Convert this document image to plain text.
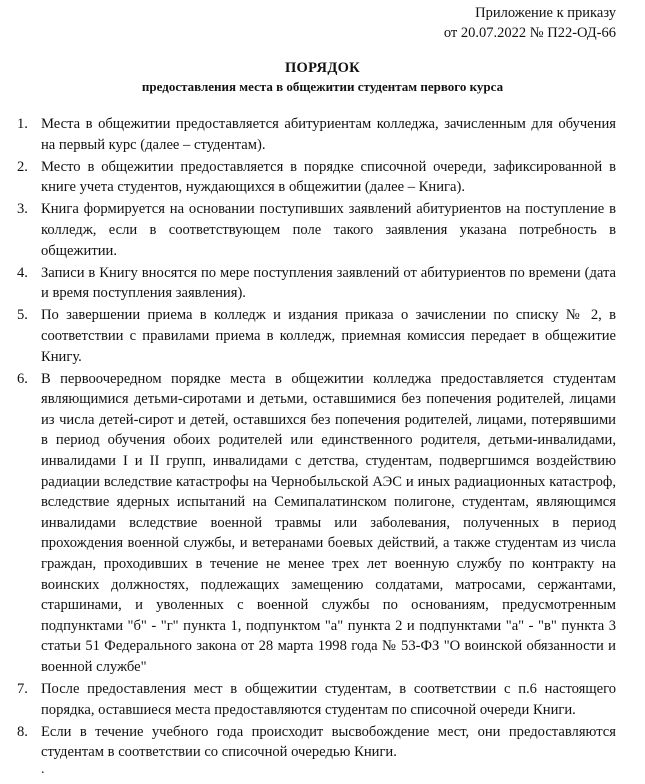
Приложение к приказу
от 20.07.2022 № П22-ОД-66
ПОРЯДОК
предоставления места в общежитии студентам первого курса
1. Места в общежитии предоставляется абитуриентам колледжа, зачисленным для обучения на первый курс (далее – студентам).
2. Место в общежитии предоставляется в порядке списочной очереди, зафиксированной в книге учета студентов, нуждающихся в общежитии (далее – Книга).
3. Книга формируется на основании поступивших заявлений абитуриентов на поступление в колледж, если в соответствующем поле такого заявления указана потребность в общежитии.
4. Записи в Книгу вносятся по мере поступления заявлений от абитуриентов по времени (дата и время поступления заявления).
5. По завершении приема в колледж и издания приказа о зачислении по списку № 2, в соответствии с правилами приема в колледж, приемная комиссия передает в общежитие Книгу.
6. В первоочередном порядке места в общежитии колледжа предоставляется студентам являющимися детьми-сиротами и детьми, оставшимися без попечения родителей, лицами из числа детей-сирот и детей, оставшихся без попечения родителей, лицами, потерявшими в период обучения обоих родителей или единственного родителя, детьми-инвалидами, инвалидами I и II групп, инвалидами с детства, студентам, подвергшимся воздействию радиации вследствие катастрофы на Чернобыльской АЭС и иных радиационных катастроф, вследствие ядерных испытаний на Семипалатинском полигоне, студентам, являющимся инвалидами вследствие военной травмы или заболевания, полученных в период прохождения военной службы, и ветеранами боевых действий, а также студентам из числа граждан, проходивших в течение не менее трех лет военную службу по контракту на воинских должностях, подлежащих замещению солдатами, матросами, сержантами, старшинами, и уволенных с военной службы по основаниям, предусмотренным подпунктами "б" - "г" пункта 1, подпунктом "а" пункта 2 и подпунктами "а" - "в" пункта 3 статьи 51 Федерального закона от 28 марта 1998 года № 53-ФЗ "О воинской обязанности и военной службе"
7. После предоставления мест в общежитии студентам, в соответствии с п.6 настоящего порядка, оставшиеся места предоставляются студентам по списочной очереди Книги.
8. Если в течение учебного года происходит высвобождение мест, они предоставляются студентам в соответствии со списочной очередью Книги.
.
